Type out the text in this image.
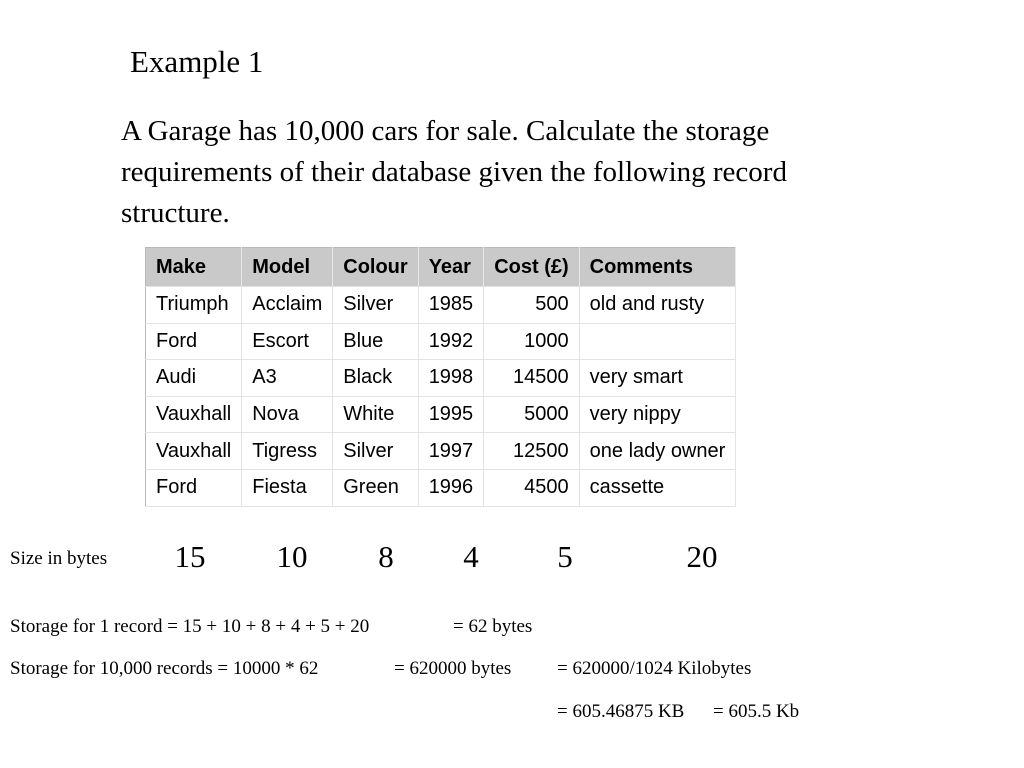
Example 1
A Garage has 10,000 cars for sale. Calculate the storage
requirements of their database given the following record
structure.
Make	Model	Colour	Year	Cost (£)	Comments
Triumph	Acclaim	Silver	1985	500	old and rusty
Ford	Escort	Blue	1992	1000	
Audi	A3	Black	1998	14500	very smart
Vauxhall	Nova	White	1995	5000	very nippy
Vauxhall	Tigress	Silver	1997	12500	one lady owner
Ford	Fiesta	Green	1996	4500	cassette
Size in bytes 15 10 8 4	5	20
Storage for 1 record = 15 + 10 + 8 + 4 + 5 + 20	= 62 bytes
Storage for 10,000 records = 10000 * 62	= 620000 bytes = 620000/1024 Kilobytes
= 605.46875 KB = 605.5 Kb
